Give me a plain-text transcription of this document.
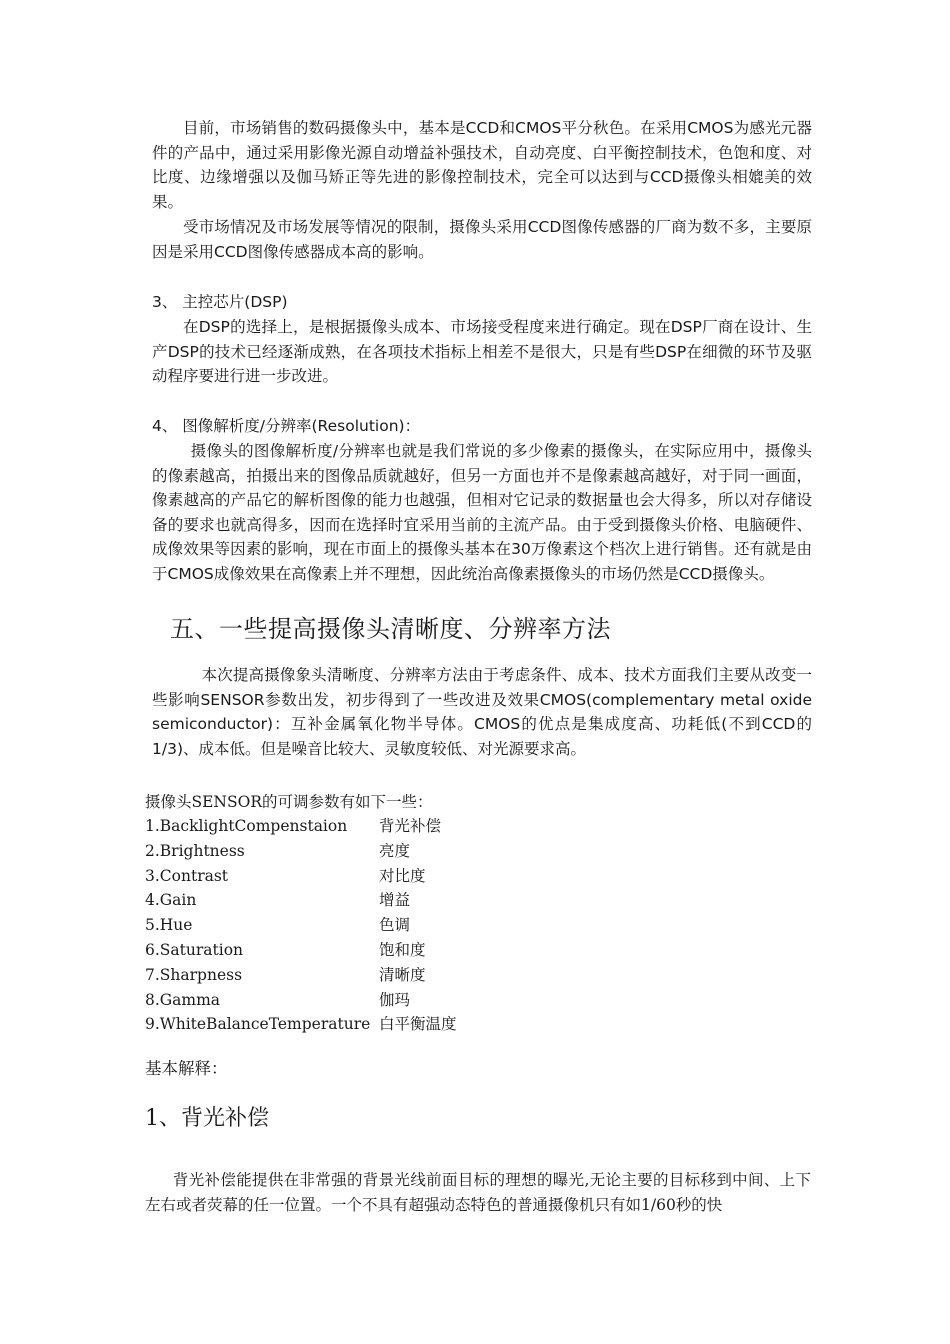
目前，市场销售的数码摄像头中，基本是CCD和CMOS平分秋色。在采用CMOS为感光元器件的产品中，通过采用影像光源自动增益补强技术，自动亮度、白平衡控制技术，色饱和度、对比度、边缘增强以及伽马矫正等先进的影像控制技术，完全可以达到与CCD摄像头相媲美的效果。

受市场情况及市场发展等情况的限制，摄像头采用CCD图像传感器的厂商为数不多，主要原因是采用CCD图像传感器成本高的影响。

3、 主控芯片(DSP)

在DSP的选择上，是根据摄像头成本、市场接受程度来进行确定。现在DSP厂商在设计、生产DSP的技术已经逐渐成熟，在各项技术指标上相差不是很大，只是有些DSP在细微的环节及驱动程序要进行进一步改进。

4、 图像解析度/分辨率(Resolution)：

摄像头的图像解析度/分辨率也就是我们常说的多少像素的摄像头，在实际应用中，摄像头的像素越高，拍摄出来的图像品质就越好，但另一方面也并不是像素越高越好，对于同一画面，像素越高的产品它的解析图像的能力也越强，但相对它记录的数据量也会大得多，所以对存储设备的要求也就高得多，因而在选择时宜采用当前的主流产品。由于受到摄像头价格、电脑硬件、成像效果等因素的影响，现在市面上的摄像头基本在30万像素这个档次上进行销售。还有就是由于CMOS成像效果在高像素上并不理想，因此统治高像素摄像头的市场仍然是CCD摄像头。

五、一些提高摄像头清晰度、分辨率方法

本次提高摄像象头清晰度、分辨率方法由于考虑条件、成本、技术方面我们主要从改变一些影响SENSOR参数出发，初步得到了一些改进及效果CMOS(complementary metal oxide semiconductor)：互补金属氧化物半导体。CMOS的优点是集成度高、功耗低(不到CCD的1/3)、成本低。但是噪音比较大、灵敏度较低、对光源要求高。

摄像头SENSOR的可调参数有如下一些：

1.BacklightCompenstaion	背光补偿
2.Brightness	亮度
3.Contrast	对比度
4.Gain	增益
5.Hue	色调
6.Saturation	饱和度
7.Sharpness	清晰度
8.Gamma	伽玛
9.WhiteBalanceTemperature 白平衡温度

基本解释：

1、背光补偿

背光补偿能提供在非常强的背景光线前面目标的理想的曝光,无论主要的目标移到中间、上下左右或者荧幕的任一位置。一个不具有超强动态特色的普通摄像机只有如1/60秒的快
